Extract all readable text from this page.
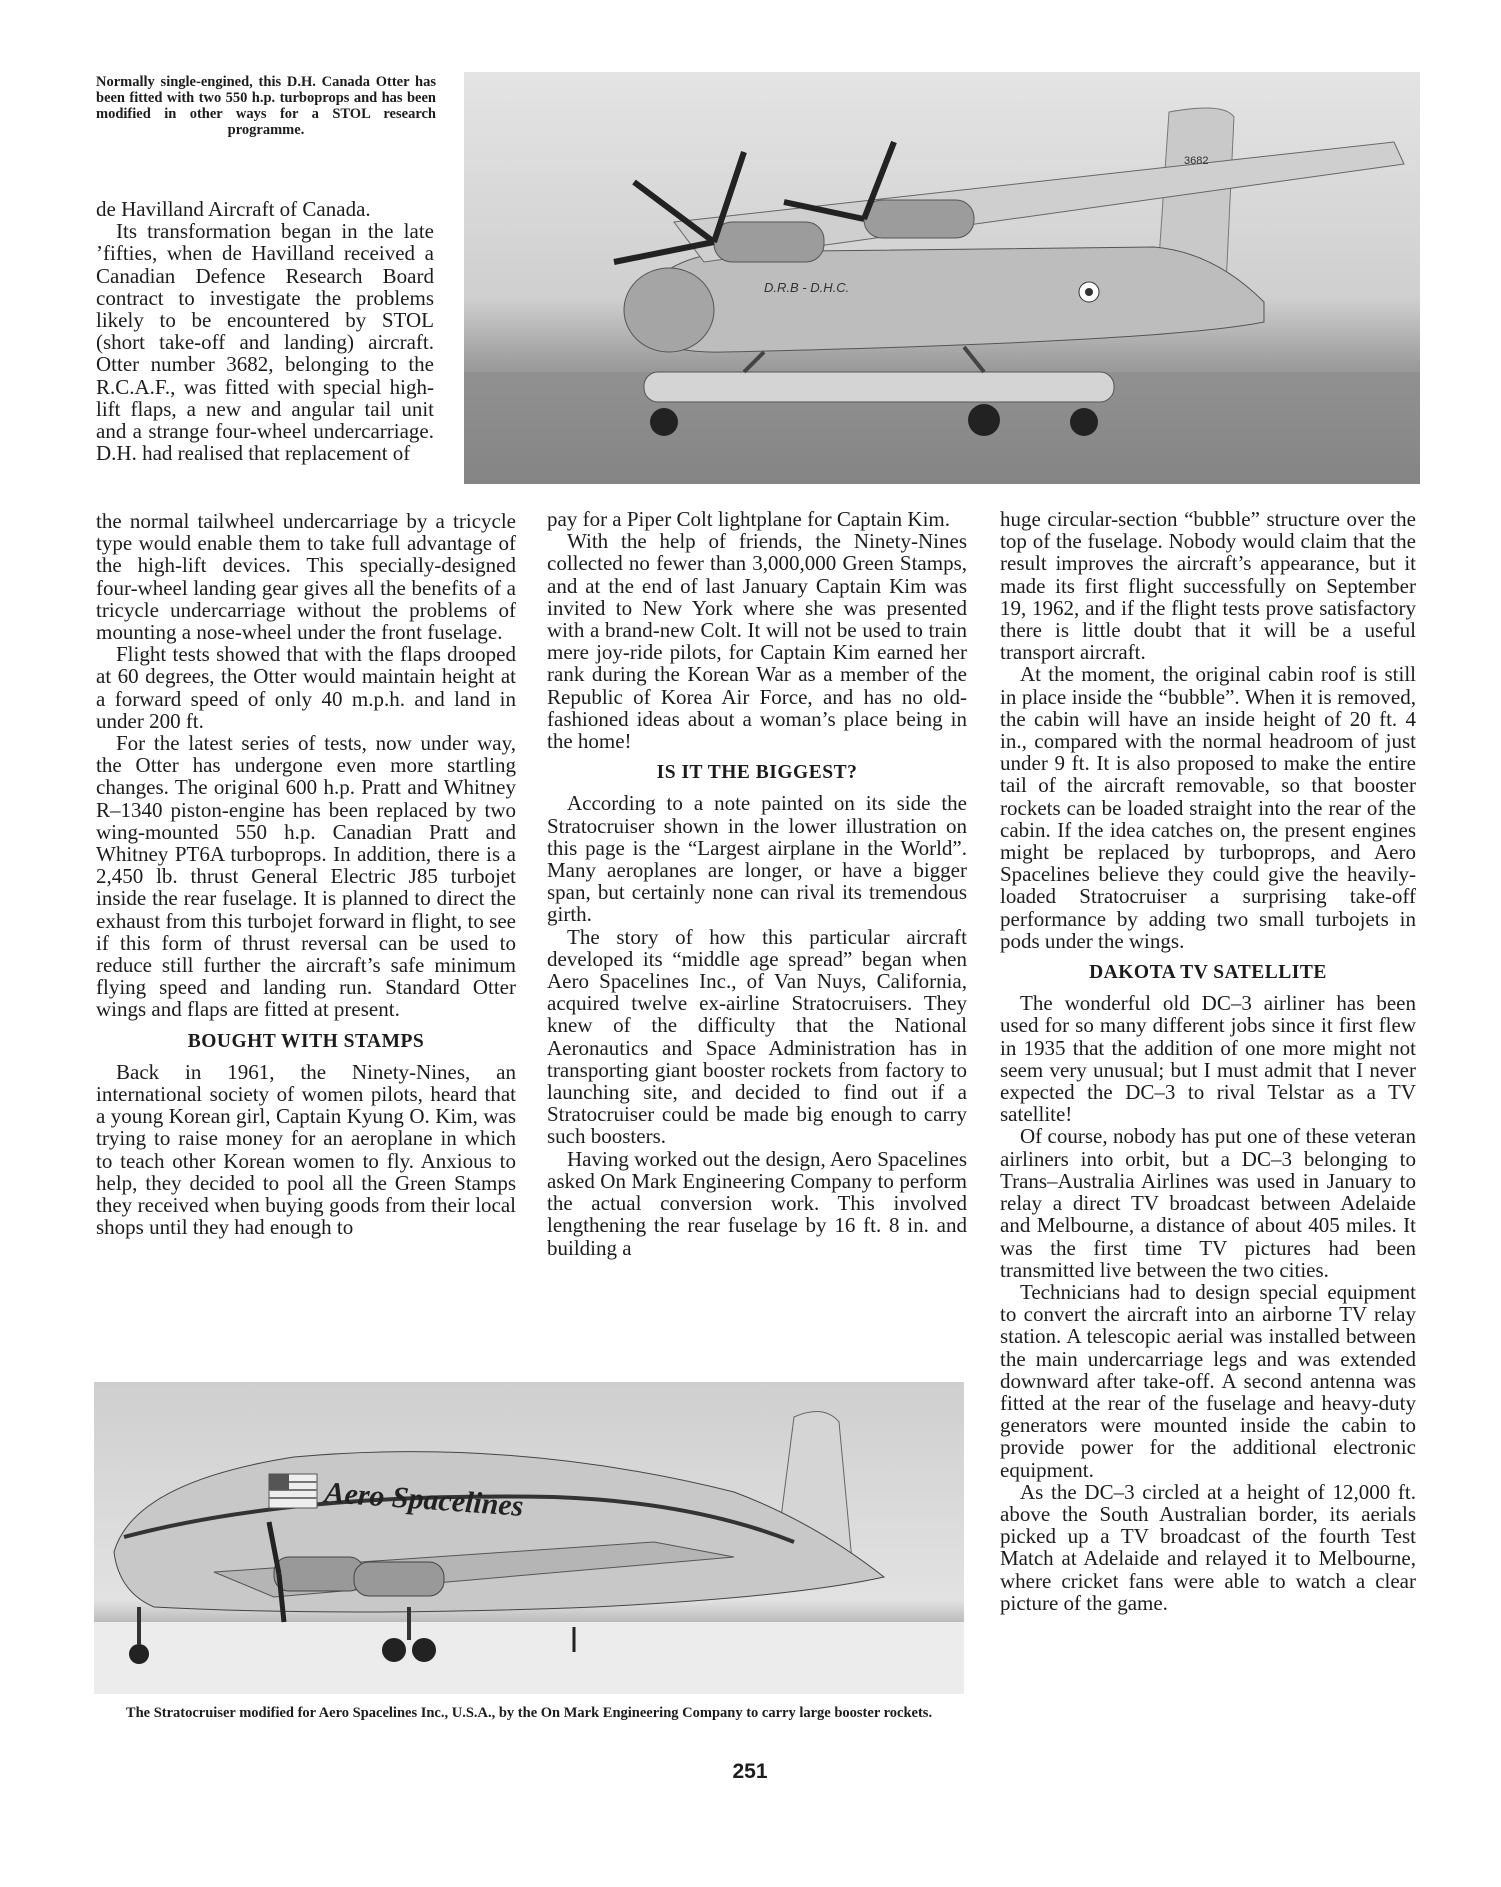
Normally single-engined, this D.H. Canada Otter has been fitted with two 550 h.p. turboprops and has been modified in other ways for a STOL research programme.
D.R.B - D.H.C.
3682

de Havilland Aircraft of Canada.

Its transformation began in the late ’fifties, when de Havilland received a Canadian Defence Research Board contract to investigate the problems likely to be encountered by STOL (short take-off and landing) aircraft. Otter number 3682, belonging to the R.C.A.F., was fitted with special high-lift flaps, a new and angular tail unit and a strange four-wheel undercarriage. D.H. had realised that replacement of

the normal tailwheel undercarriage by a tricycle type would enable them to take full advantage of the high-lift devices. This specially-designed four-wheel landing gear gives all the benefits of a tricycle undercarriage without the problems of mounting a nose-wheel under the front fuselage.

Flight tests showed that with the flaps drooped at 60 degrees, the Otter would maintain height at a forward speed of only 40 m.p.h. and land in under 200 ft.

For the latest series of tests, now under way, the Otter has undergone even more startling changes. The original 600 h.p. Pratt and Whitney R–1340 piston-engine has been replaced by two wing-mounted 550 h.p. Canadian Pratt and Whitney PT6A turboprops. In addition, there is a 2,450 lb. thrust General Electric J85 turbojet inside the rear fuselage. It is planned to direct the exhaust from this turbojet forward in flight, to see if this form of thrust reversal can be used to reduce still further the aircraft’s safe minimum flying speed and landing run. Standard Otter wings and flaps are fitted at present.

BOUGHT WITH STAMPS

Back in 1961, the Ninety-Nines, an international society of women pilots, heard that a young Korean girl, Captain Kyung O. Kim, was trying to raise money for an aeroplane in which to teach other Korean women to fly. Anxious to help, they decided to pool all the Green Stamps they received when buying goods from their local shops until they had enough to

pay for a Piper Colt lightplane for Captain Kim.

With the help of friends, the Ninety-Nines collected no fewer than 3,000,000 Green Stamps, and at the end of last January Captain Kim was invited to New York where she was presented with a brand-new Colt. It will not be used to train mere joy-ride pilots, for Captain Kim earned her rank during the Korean War as a member of the Republic of Korea Air Force, and has no old-fashioned ideas about a woman’s place being in the home!

IS IT THE BIGGEST?

According to a note painted on its side the Stratocruiser shown in the lower illustration on this page is the “Largest airplane in the World”. Many aeroplanes are longer, or have a bigger span, but certainly none can rival its tremendous girth.

The story of how this particular aircraft developed its “middle age spread” began when Aero Spacelines Inc., of Van Nuys, California, acquired twelve ex-airline Stratocruisers. They knew of the difficulty that the National Aeronautics and Space Administration has in transporting giant booster rockets from factory to launching site, and decided to find out if a Stratocruiser could be made big enough to carry such boosters.

Having worked out the design, Aero Spacelines asked On Mark Engineering Company to perform the actual conversion work. This involved lengthening the rear fuselage by 16 ft. 8 in. and building a

huge circular-section “bubble” structure over the top of the fuselage. Nobody would claim that the result improves the aircraft’s appearance, but it made its first flight successfully on September 19, 1962, and if the flight tests prove satisfactory there is little doubt that it will be a useful transport aircraft.

At the moment, the original cabin roof is still in place inside the “bubble”. When it is removed, the cabin will have an inside height of 20 ft. 4 in., compared with the normal headroom of just under 9 ft. It is also proposed to make the entire tail of the aircraft removable, so that booster rockets can be loaded straight into the rear of the cabin. If the idea catches on, the present engines might be replaced by turboprops, and Aero Spacelines believe they could give the heavily-loaded Stratocruiser a surprising take-off performance by adding two small turbojets in pods under the wings.

DAKOTA TV SATELLITE

The wonderful old DC–3 airliner has been used for so many different jobs since it first flew in 1935 that the addition of one more might not seem very unusual; but I must admit that I never expected the DC–3 to rival Telstar as a TV satellite!

Of course, nobody has put one of these veteran airliners into orbit, but a DC–3 belonging to Trans–Australia Airlines was used in January to relay a direct TV broadcast between Adelaide and Melbourne, a distance of about 405 miles. It was the first time TV pictures had been transmitted live between the two cities.

Technicians had to design special equipment to convert the aircraft into an airborne TV relay station. A telescopic aerial was installed between the main undercarriage legs and was extended downward after take-off. A second antenna was fitted at the rear of the fuselage and heavy-duty generators were mounted inside the cabin to provide power for the additional electronic equipment.

As the DC–3 circled at a height of 12,000 ft. above the South Australian border, its aerials picked up a TV broadcast of the fourth Test Match at Adelaide and relayed it to Melbourne, where cricket fans were able to watch a clear picture of the game.

Aero Spacelines
The Stratocruiser modified for Aero Spacelines Inc., U.S.A., by the On Mark Engineering Company to carry large booster rockets.
251
